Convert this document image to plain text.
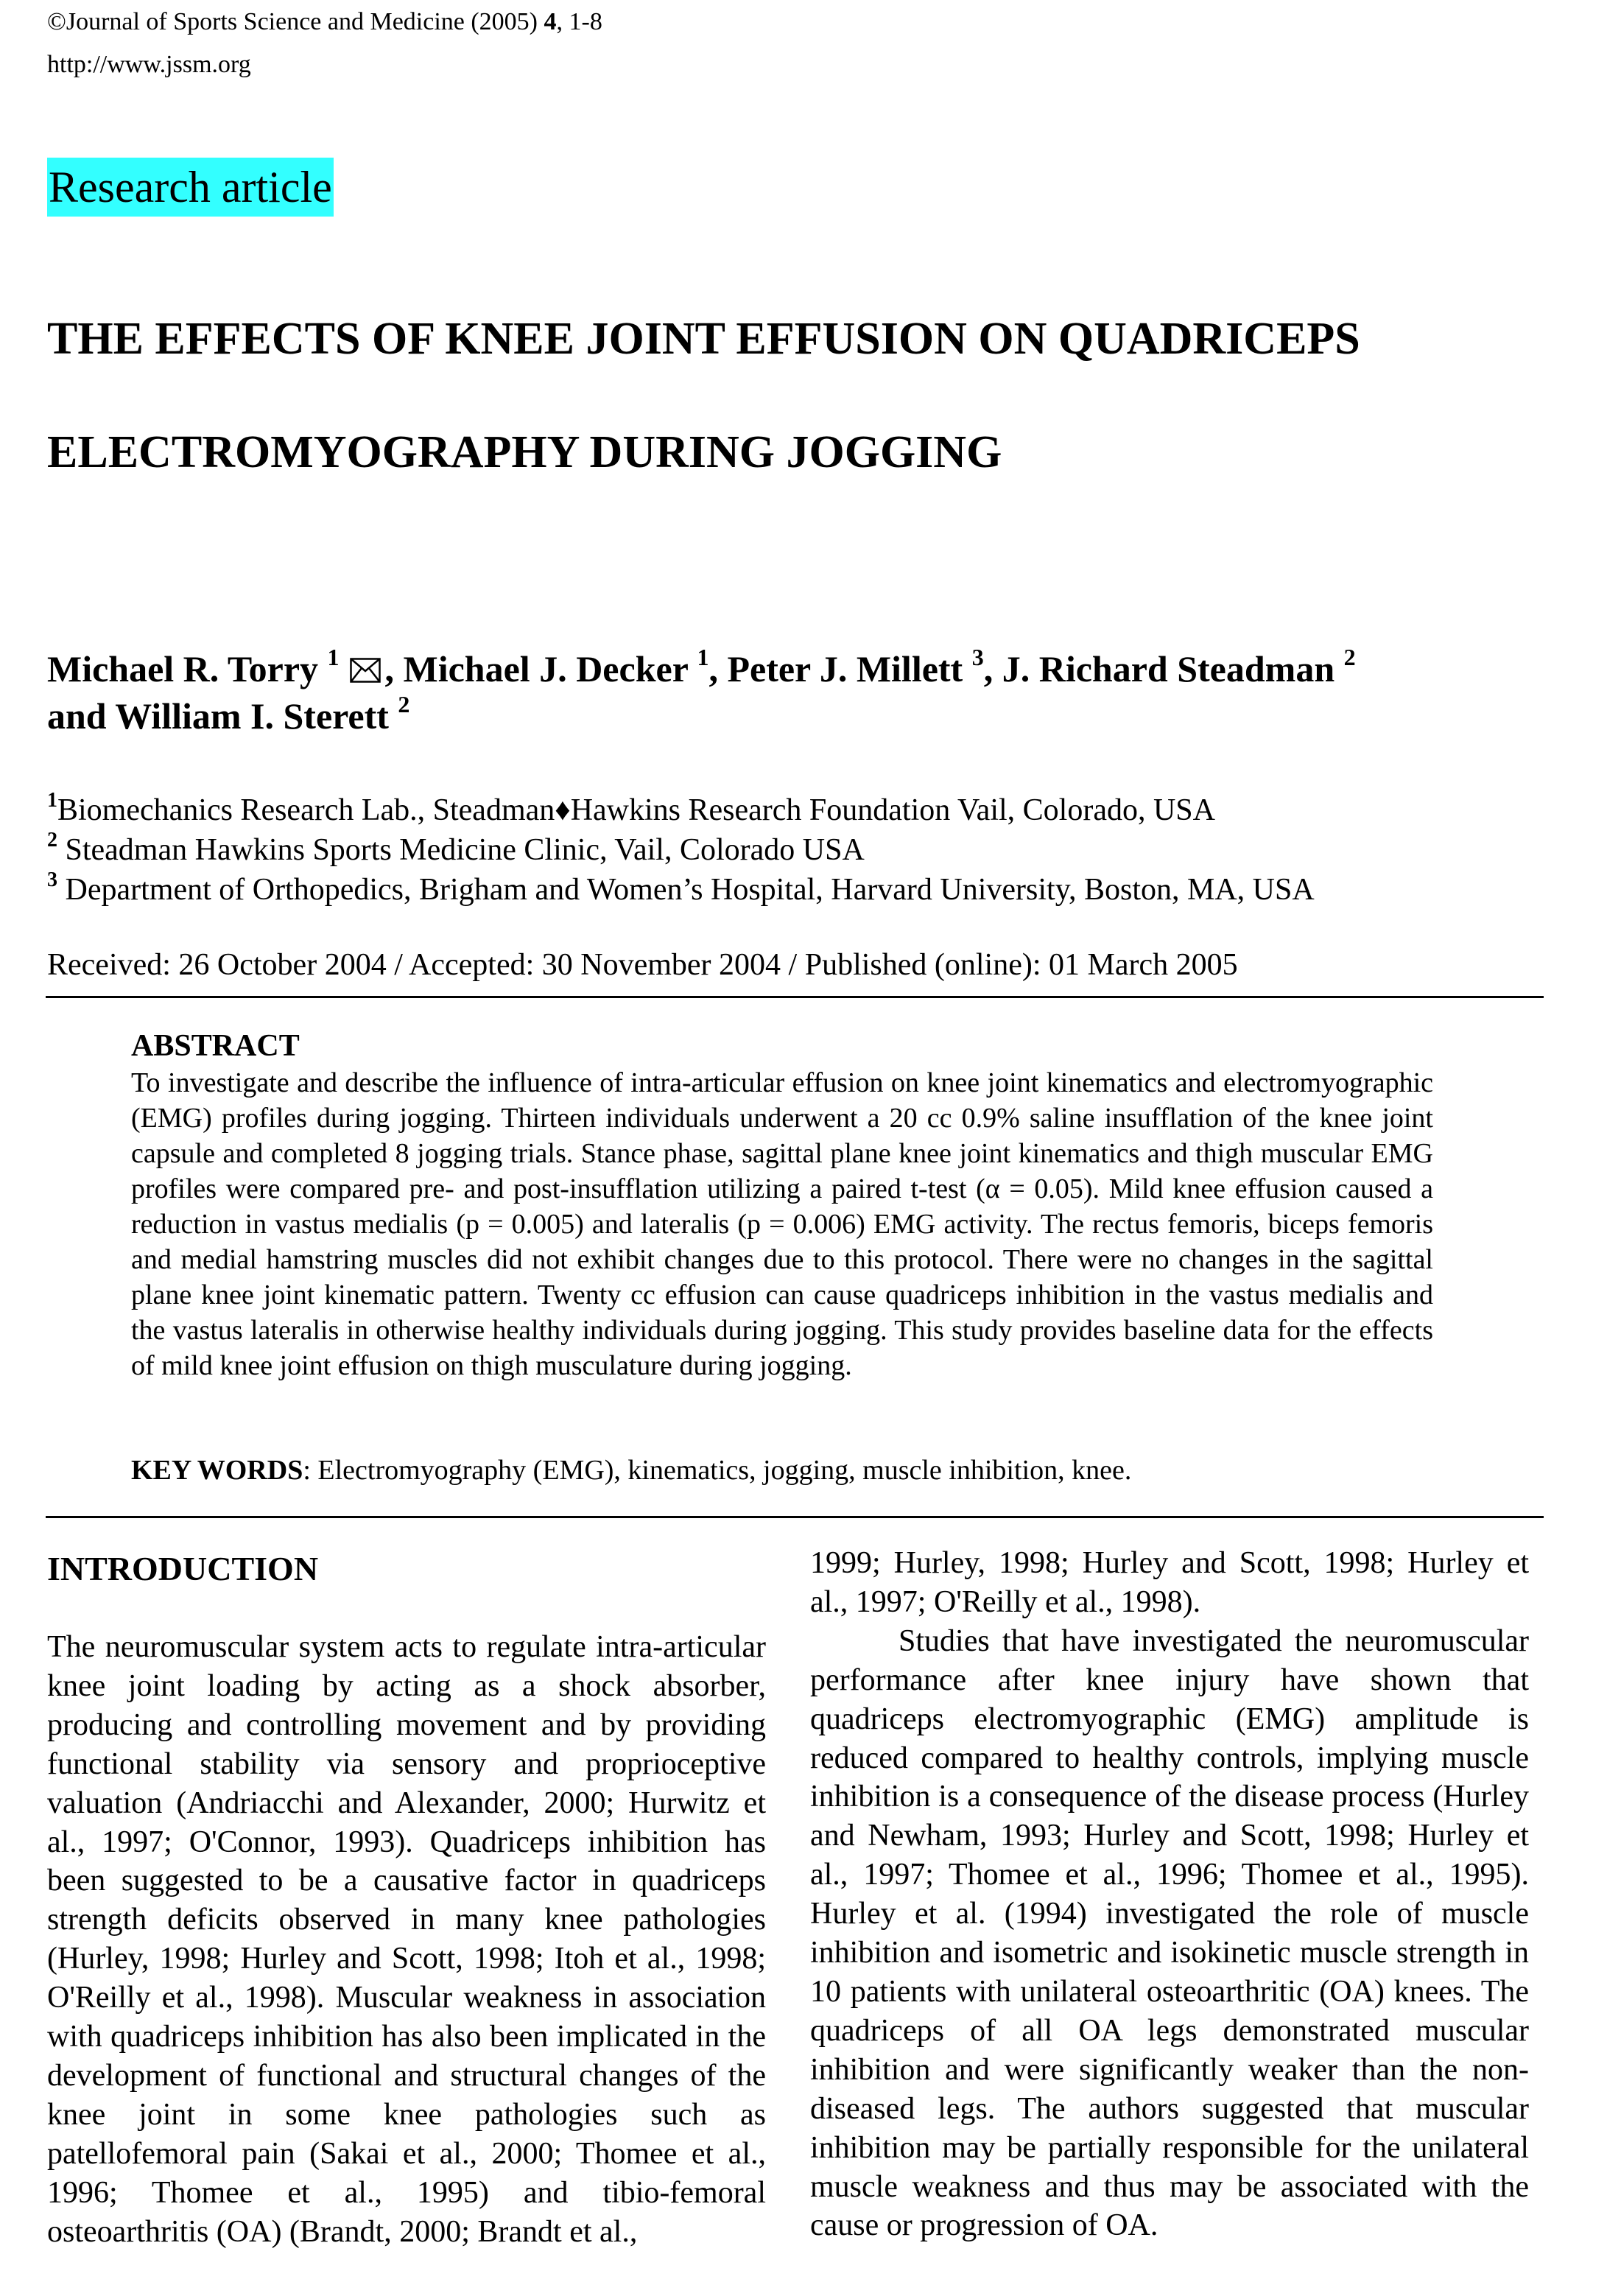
©Journal of Sports Science and Medicine (2005) 4, 1-8
http://www.jssm.org
Research article
THE EFFECTS OF KNEE JOINT EFFUSION ON QUADRICEPS
ELECTROMYOGRAPHY DURING JOGGING
Michael R. Torry $^1$ , Michael J. Decker $^1$, Peter J. Millett $^3$, J. Richard Steadman $^2$
and William I. Sterett $^2$
$^1$Biomechanics Research Lab., Steadman♦Hawkins Research Foundation Vail, Colorado, USA
$^2$ Steadman Hawkins Sports Medicine Clinic, Vail, Colorado USA
$^3$ Department of Orthopedics, Brigham and Women’s Hospital, Harvard University, Boston, MA, USA
Received: 26 October 2004 / Accepted: 30 November 2004 / Published (online): 01 March 2005
ABSTRACT
To investigate and describe the influence of intra-articular effusion on knee joint kinematics and electromyographic (EMG) profiles during jogging. Thirteen individuals underwent a 20 cc 0.9% saline insufflation of the knee joint capsule and completed 8 jogging trials. Stance phase, sagittal plane knee joint kinematics and thigh muscular EMG profiles were compared pre- and post-insufflation utilizing a paired t-test (α = 0.05). Mild knee effusion caused a reduction in vastus medialis (p = 0.005) and lateralis (p = 0.006) EMG activity. The rectus femoris, biceps femoris and medial hamstring muscles did not exhibit changes due to this protocol. There were no changes in the sagittal plane knee joint kinematic pattern. Twenty cc effusion can cause quadriceps inhibition in the vastus medialis and the vastus lateralis in otherwise healthy individuals during jogging. This study provides baseline data for the effects of mild knee joint effusion on thigh musculature during jogging.
KEY WORDS: Electromyography (EMG), kinematics, jogging, muscle inhibition, knee.
INTRODUCTION

The neuromuscular system acts to regulate intra-articular knee joint loading by acting as a shock absorber, producing and controlling movement and by providing functional stability via sensory and proprioceptive valuation (Andriacchi and Alexander, 2000; Hurwitz et al., 1997; O'Connor, 1993). Quadriceps inhibition has been suggested to be a causative factor in quadriceps strength deficits observed in many knee pathologies (Hurley, 1998; Hurley and Scott, 1998; Itoh et al., 1998; O'Reilly et al., 1998). Muscular weakness in association with quadriceps inhibition has also been implicated in the development of functional and structural changes of the knee joint in some knee pathologies such as patellofemoral pain (Sakai et al., 2000; Thomee et al., 1996; Thomee et al., 1995) and tibio-femoral osteoarthritis (OA) (Brandt, 2000; Brandt et al.,

1999; Hurley, 1998; Hurley and Scott, 1998; Hurley et al., 1997; O'Reilly et al., 1998).

Studies that have investigated the neuromuscular performance after knee injury have shown that quadriceps electromyographic (EMG) amplitude is reduced compared to healthy controls, implying muscle inhibition is a consequence of the disease process (Hurley and Newham, 1993; Hurley and Scott, 1998; Hurley et al., 1997; Thomee et al., 1996; Thomee et al., 1995). Hurley et al. (1994) investigated the role of muscle inhibition and isometric and isokinetic muscle strength in 10 patients with unilateral osteoarthritic (OA) knees. The quadriceps of all OA legs demonstrated muscular inhibition and were significantly weaker than the non- diseased legs. The authors suggested that muscular inhibition may be partially responsible for the unilateral muscle weakness and thus may be associated with the cause or progression of OA.
